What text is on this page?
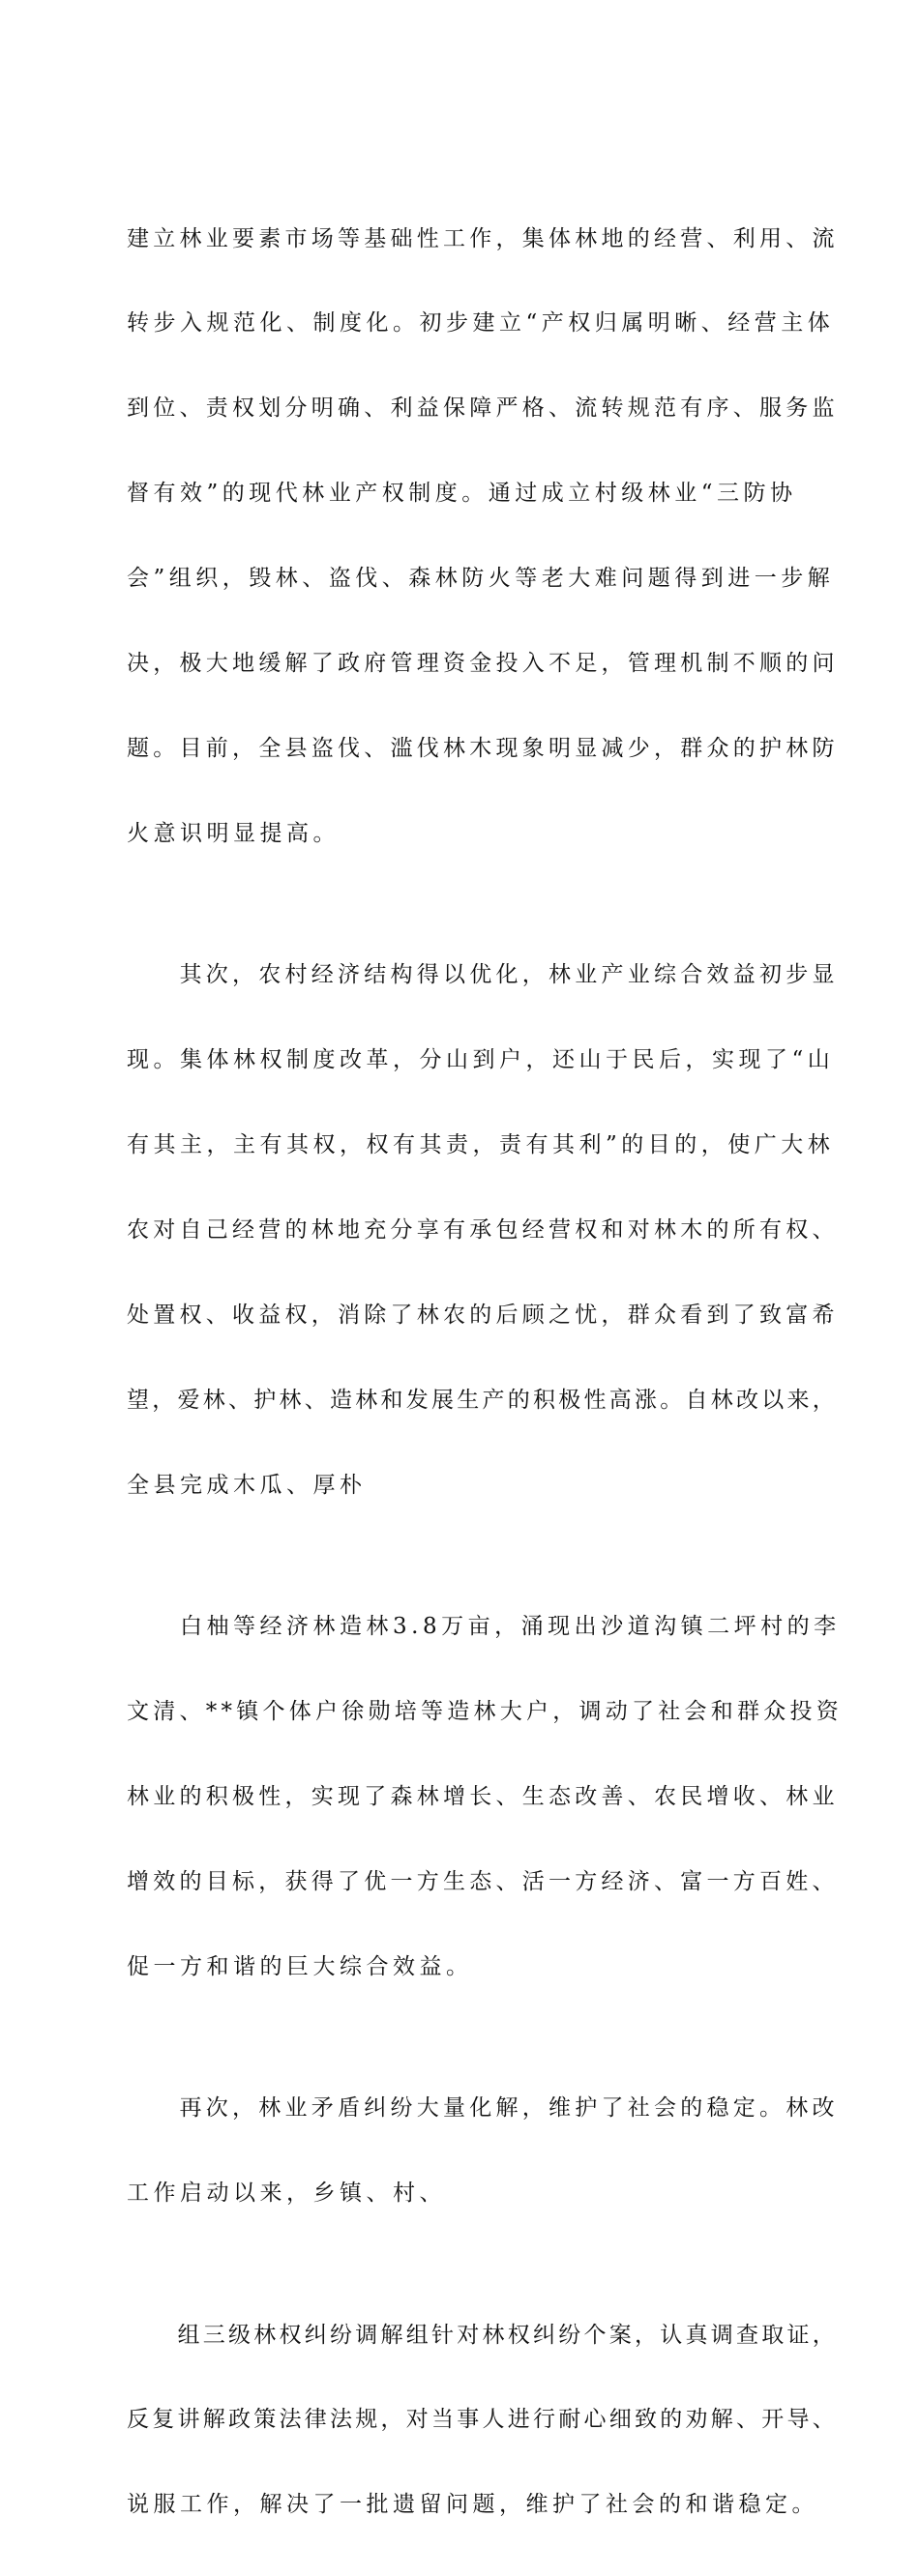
建立林业要素市场等基础性工作，集体林地的经营、利用、流

转步入规范化、制度化。初步建立“产权归属明晰、经营主体

到位、责权划分明确、利益保障严格、流转规范有序、服务监

督有效”的现代林业产权制度。通过成立村级林业“三防协

会”组织，毁林、盗伐、森林防火等老大难问题得到进一步解

决，极大地缓解了政府管理资金投入不足，管理机制不顺的问

题。目前，全县盗伐、滥伐林木现象明显减少，群众的护林防

火意识明显提高。

　　其次，农村经济结构得以优化，林业产业综合效益初步显

现。集体林权制度改革，分山到户，还山于民后，实现了“山

有其主，主有其权，权有其责，责有其利”的目的，使广大林

农对自己经营的林地充分享有承包经营权和对林木的所有权、

处置权、收益权，消除了林农的后顾之忧，群众看到了致富希

望，爱林、护林、造林和发展生产的积极性高涨。自林改以来，

全县完成木瓜、厚朴

　　白柚等经济林造林3.8万亩，涌现出沙道沟镇二坪村的李

文清、**镇个体户徐勋培等造林大户，调动了社会和群众投资

林业的积极性，实现了森林增长、生态改善、农民增收、林业

增效的目标，获得了优一方生态、活一方经济、富一方百姓、

促一方和谐的巨大综合效益。

　　再次，林业矛盾纠纷大量化解，维护了社会的稳定。林改

工作启动以来，乡镇、村、

　　组三级林权纠纷调解组针对林权纠纷个案，认真调查取证，

反复讲解政策法律法规，对当事人进行耐心细致的劝解、开导、

说服工作，解决了一批遗留问题，维护了社会的和谐稳定。
